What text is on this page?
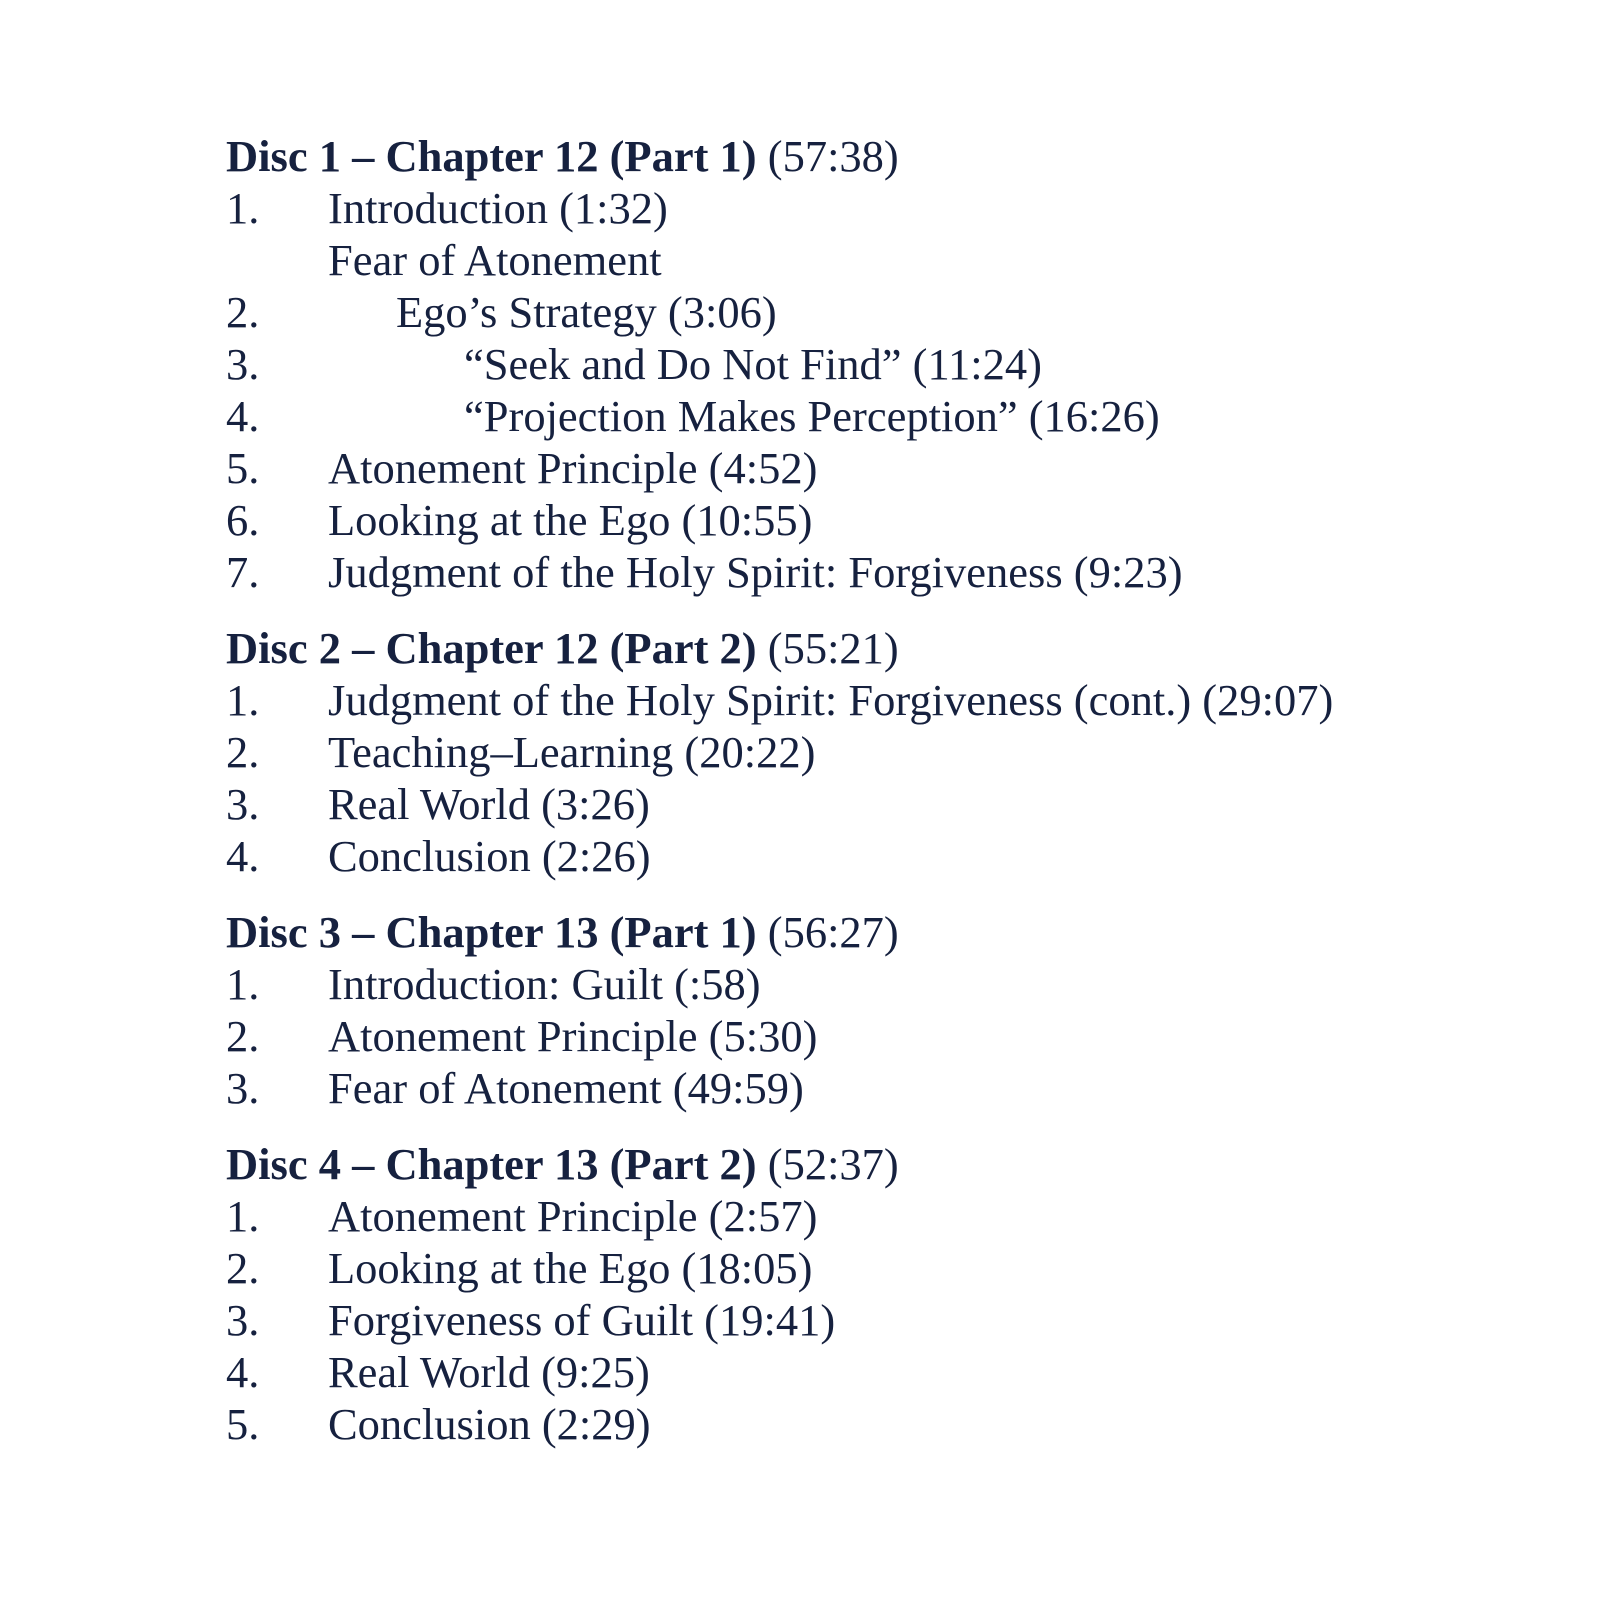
Disc 1 – Chapter 12 (Part 1) (57:38)
1. Introduction (1:32)
Fear of Atonement
2.	Ego’s Strategy (3:06)
3.	“Seek and Do Not Find” (11:24)
4.	“Projection Makes Perception” (16:26)
5. Atonement Principle (4:52)
6. Looking at the Ego (10:55)
7. Judgment of the Holy Spirit: Forgiveness (9:23)
Disc 2 – Chapter 12 (Part 2) (55:21)
1. Judgment of the Holy Spirit: Forgiveness (cont.) (29:07)
2. Teaching–Learning (20:22)
3. Real World (3:26)
4. Conclusion (2:26)
Disc 3 – Chapter 13 (Part 1) (56:27)
1. Introduction: Guilt (:58)
2. Atonement Principle (5:30)
3. Fear of Atonement (49:59)
Disc 4 – Chapter 13 (Part 2) (52:37)
1. Atonement Principle (2:57)
2. Looking at the Ego (18:05)
3. Forgiveness of Guilt (19:41)
4. Real World (9:25)
5. Conclusion (2:29)
